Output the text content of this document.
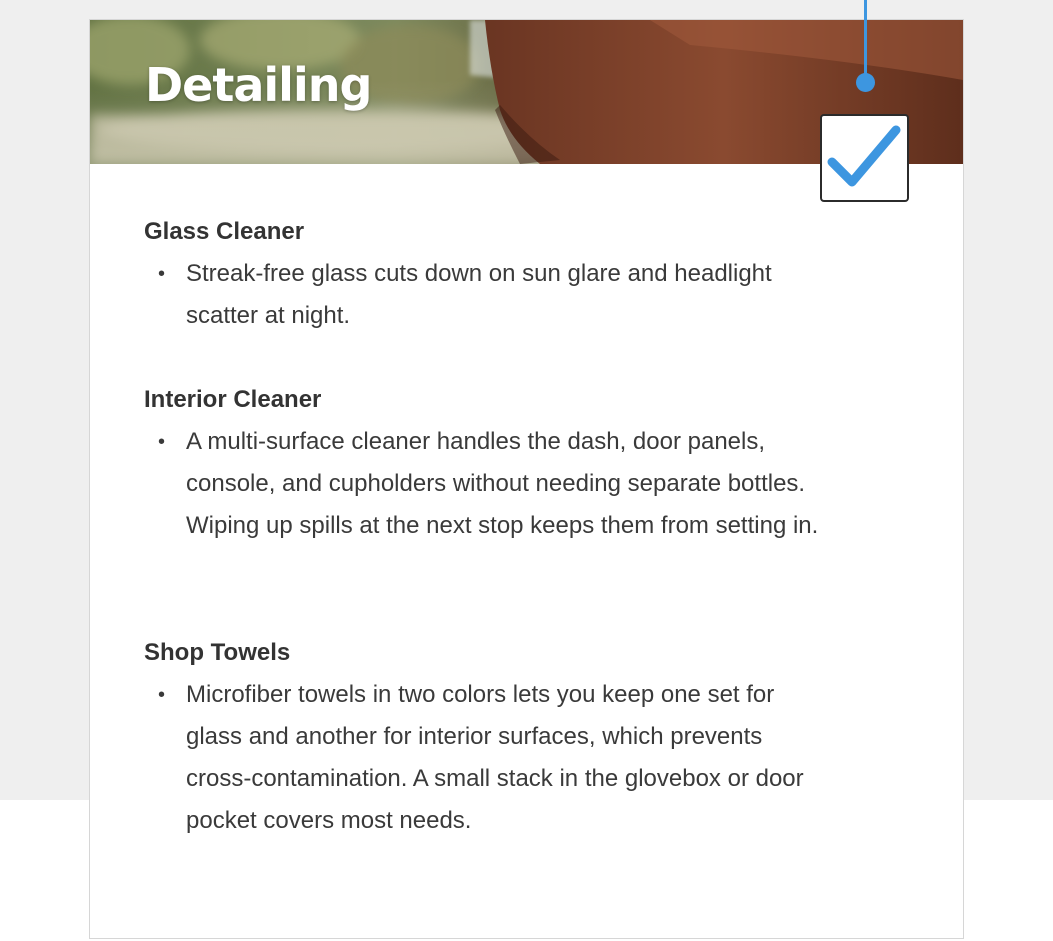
Detailing
Glass Cleaner
• Streak-free glass cuts down on sun glare and headlight scatter at night.
Interior Cleaner
• A multi-surface cleaner handles the dash, door panels, console, and cupholders without needing separate bottles. Wiping up spills at the next stop keeps them from setting in.
Shop Towels
• Microfiber towels in two colors lets you keep one set for glass and another for interior surfaces, which prevents cross-contamination. A small stack in the glovebox or door pocket covers most needs.
